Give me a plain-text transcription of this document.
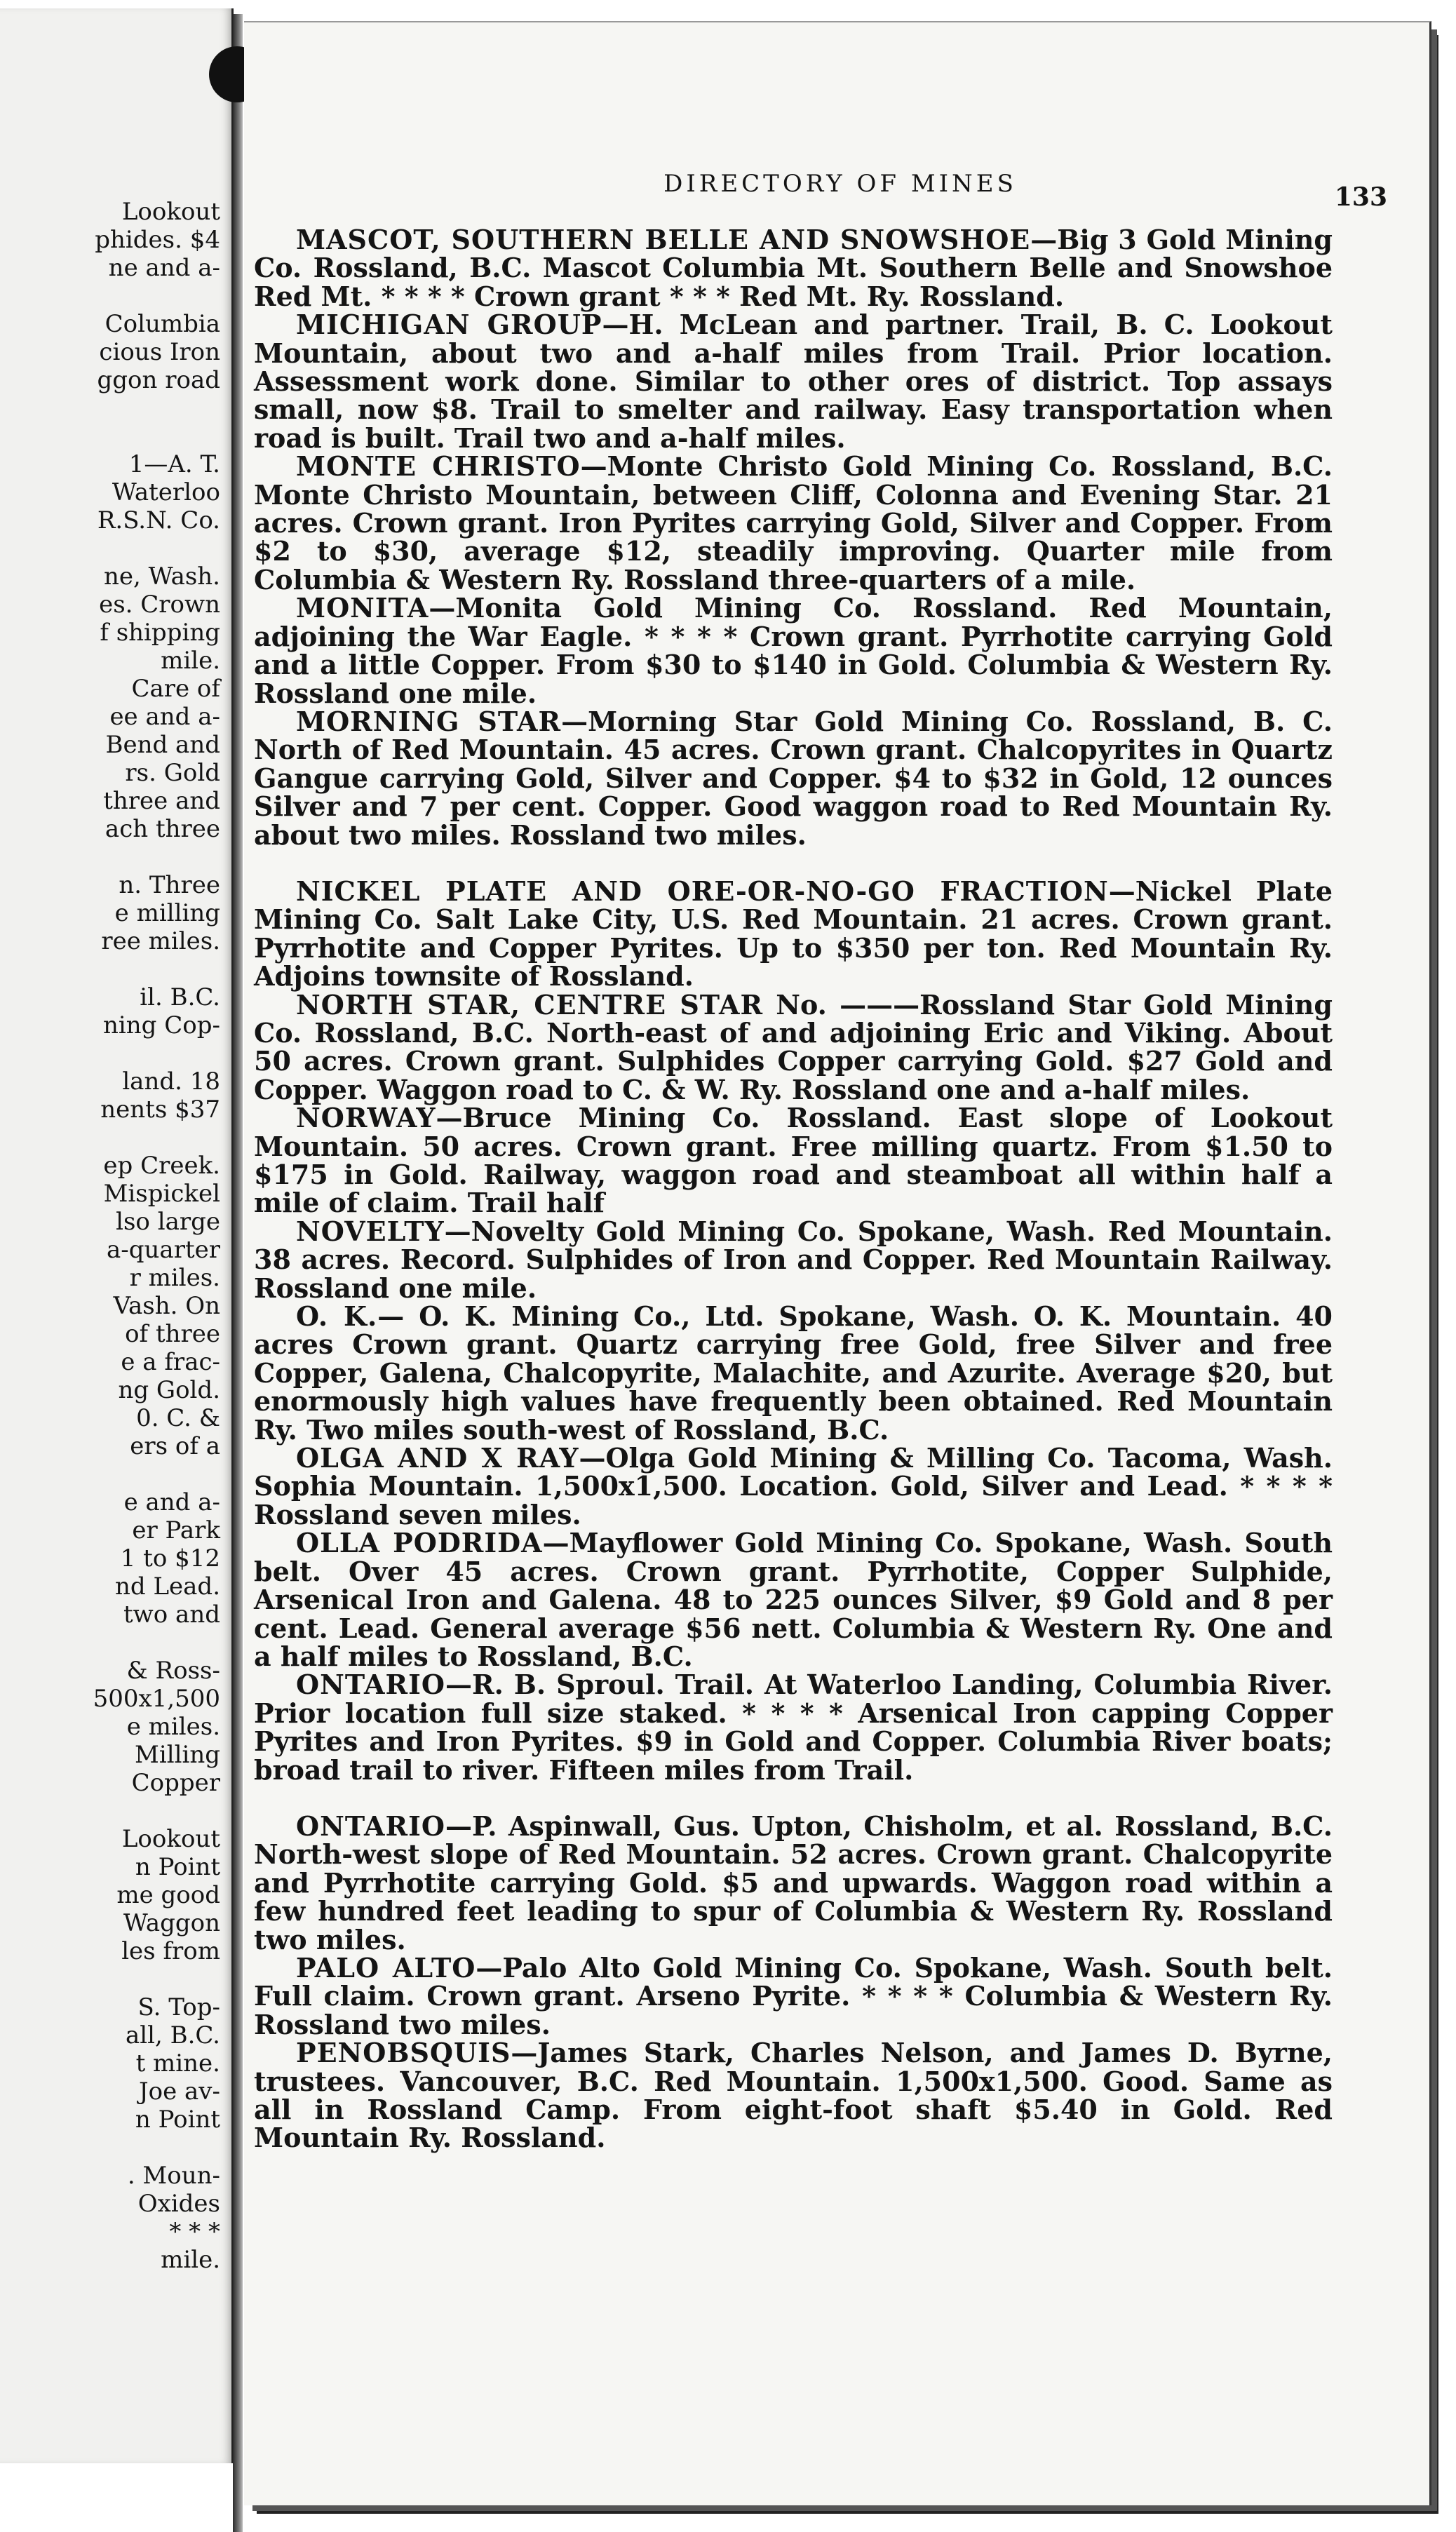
Lookout
phides. $4
ne and a-

Columbia
cious Iron
ggon road

1—A. T.
Waterloo
R.S.N. Co.

ne, Wash.
es. Crown
f shipping
mile.
Care of
ee and a-
Bend and
rs. Gold
three and
ach three

n. Three
e milling
ree miles.

il. B.C.
ning Cop-

land. 18
nents $37

ep Creek.
Mispickel
lso large
a-quarter
r miles.
Vash. On
of three
e a frac-
ng Gold.
0. C. &
ers of a

e and a-
er Park
1 to $12
nd Lead.
two and

& Ross-
500x1,500
e miles.
Milling
Copper

Lookout
n Point
me good
Waggon
les from

S. Top-
all, B.C.
t mine.
Joe av-
n Point

. Moun-
Oxides
* * *
mile.
DIRECTORY OF MINES	133
MASCOT, SOUTHERN BELLE AND SNOWSHOE—Big 3 Gold Mining Co. Rossland, B.C. Mascot Columbia Mt. Southern Belle and Snowshoe Red Mt. * * * * Crown grant * * * Red Mt. Ry. Rossland.
MICHIGAN GROUP—H. McLean and partner. Trail, B. C. Lookout Mountain, about two and a-half miles from Trail. Prior location. Assessment work done. Similar to other ores of district. Top assays small, now $8. Trail to smelter and railway. Easy transportation when road is built. Trail two and a-half miles.
MONTE CHRISTO—Monte Christo Gold Mining Co. Rossland, B.C. Monte Christo Mountain, between Cliff, Colonna and Evening Star. 21 acres. Crown grant. Iron Pyrites carrying Gold, Silver and Copper. From $2 to $30, average $12, steadily improving. Quarter mile from Columbia & Western Ry. Rossland three-quarters of a mile.
MONITA—Monita Gold Mining Co. Rossland. Red Mountain, adjoining the War Eagle. * * * * Crown grant. Pyrrhotite carrying Gold and a little Copper. From $30 to $140 in Gold. Columbia & Western Ry. Rossland one mile.
MORNING STAR—Morning Star Gold Mining Co. Rossland, B. C. North of Red Mountain. 45 acres. Crown grant. Chalcopyrites in Quartz Gangue carrying Gold, Silver and Copper. $4 to $32 in Gold, 12 ounces Silver and 7 per cent. Copper. Good waggon road to Red Mountain Ry. about two miles. Rossland two miles.
NICKEL PLATE AND ORE-OR-NO-GO FRACTION—Nickel Plate Mining Co. Salt Lake City, U.S. Red Mountain. 21 acres. Crown grant. Pyrrhotite and Copper Pyrites. Up to $350 per ton. Red Mountain Ry. Adjoins townsite of Rossland.
NORTH STAR, CENTRE STAR No. ———Rossland Star Gold Mining Co. Rossland, B.C. North-east of and adjoining Eric and Viking. About 50 acres. Crown grant. Sulphides Copper carrying Gold. $27 Gold and Copper. Waggon road to C. & W. Ry. Rossland one and a-half miles.
NORWAY—Bruce Mining Co. Rossland. East slope of Lookout Mountain. 50 acres. Crown grant. Free milling quartz. From $1.50 to $175 in Gold. Railway, waggon road and steamboat all within half a mile of claim. Trail half
NOVELTY—Novelty Gold Mining Co. Spokane, Wash. Red Mountain. 38 acres. Record. Sulphides of Iron and Copper. Red Mountain Railway. Rossland one mile.
O. K.— O. K. Mining Co., Ltd. Spokane, Wash. O. K. Mountain. 40 acres Crown grant. Quartz carrying free Gold, free Silver and free Copper, Galena, Chalcopyrite, Malachite, and Azurite. Average $20, but enormously high values have frequently been obtained. Red Mountain Ry. Two miles south-west of Rossland, B.C.
OLGA AND X RAY—Olga Gold Mining & Milling Co. Tacoma, Wash. Sophia Mountain. 1,500x1,500. Location. Gold, Silver and Lead. * * * * Rossland seven miles.
OLLA PODRIDA—Mayflower Gold Mining Co. Spokane, Wash. South belt. Over 45 acres. Crown grant. Pyrrhotite, Copper Sulphide, Arsenical Iron and Galena. 48 to 225 ounces Silver, $9 Gold and 8 per cent. Lead. General average $56 nett. Columbia & Western Ry. One and a half miles to Rossland, B.C.
ONTARIO—R. B. Sproul. Trail. At Waterloo Landing, Columbia River. Prior location full size staked. * * * * Arsenical Iron capping Copper Pyrites and Iron Pyrites. $9 in Gold and Copper. Columbia River boats; broad trail to river. Fifteen miles from Trail.
ONTARIO—P. Aspinwall, Gus. Upton, Chisholm, et al. Rossland, B.C. North-west slope of Red Mountain. 52 acres. Crown grant. Chalcopyrite and Pyrrhotite carrying Gold. $5 and upwards. Waggon road within a few hundred feet leading to spur of Columbia & Western Ry. Rossland two miles.
PALO ALTO—Palo Alto Gold Mining Co. Spokane, Wash. South belt. Full claim. Crown grant. Arseno Pyrite. * * * * Columbia & Western Ry. Rossland two miles.
PENOBSQUIS—James Stark, Charles Nelson, and James D. Byrne, trustees. Vancouver, B.C. Red Mountain. 1,500x1,500. Good. Same as all in Rossland Camp. From eight-foot shaft $5.40 in Gold. Red Mountain Ry. Rossland.
